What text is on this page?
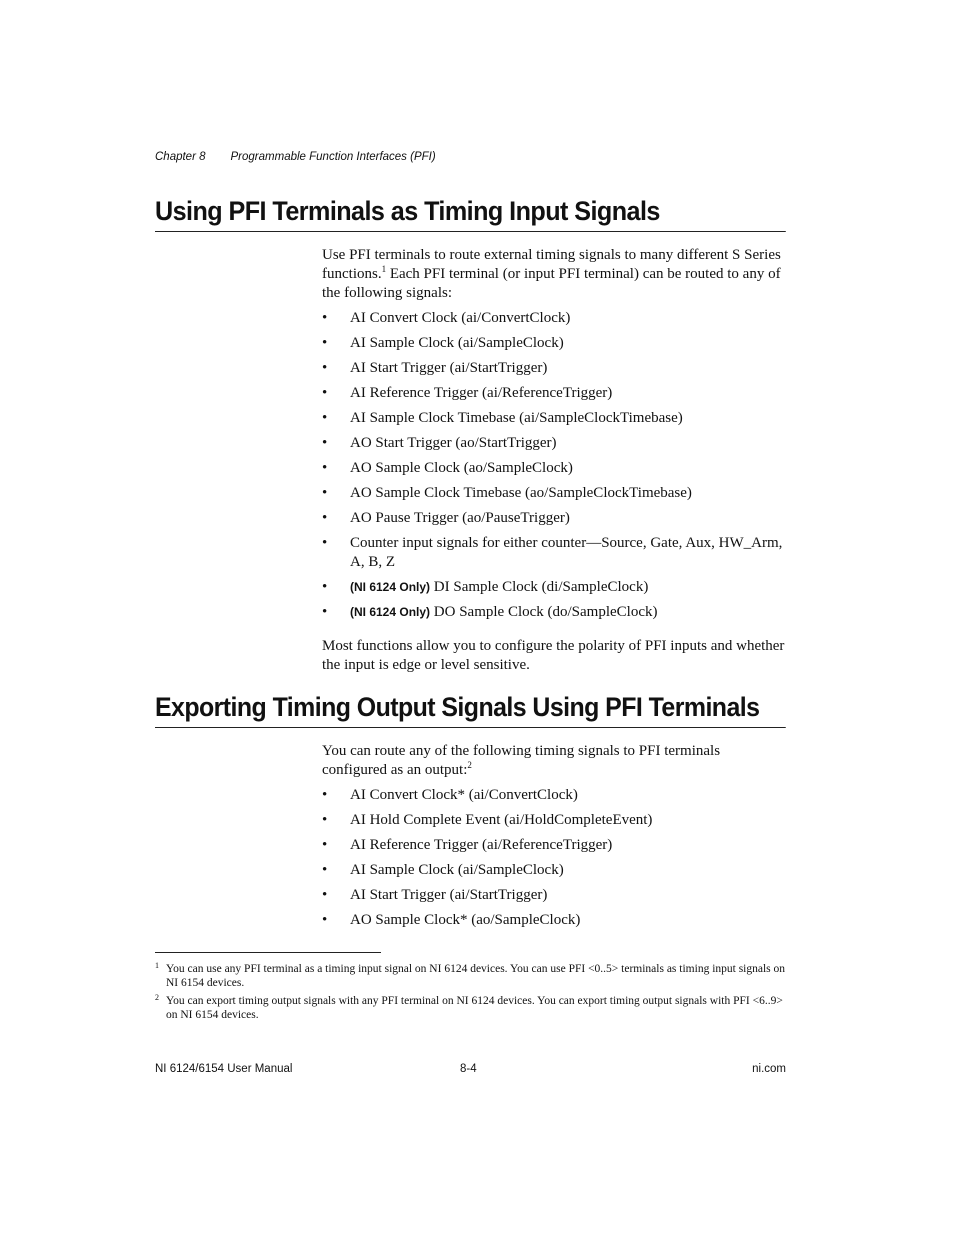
Chapter 8 Programmable Function Interfaces (PFI)
Using PFI Terminals as Timing Input Signals

Use PFI terminals to route external timing signals to many different S Series functions.$^1$ Each PFI terminal (or input PFI terminal) can be routed to any of the following signals:

• AI Convert Clock (ai/ConvertClock)
• AI Sample Clock (ai/SampleClock)
• AI Start Trigger (ai/StartTrigger)
• AI Reference Trigger (ai/ReferenceTrigger)
• AI Sample Clock Timebase (ai/SampleClockTimebase)
• AO Start Trigger (ao/StartTrigger)
• AO Sample Clock (ao/SampleClock)
• AO Sample Clock Timebase (ao/SampleClockTimebase)
• AO Pause Trigger (ao/PauseTrigger)
• Counter input signals for either counter—Source, Gate, Aux, HW_Arm, A, B, Z
• (NI 6124 Only) DI Sample Clock (di/SampleClock)
• (NI 6124 Only) DO Sample Clock (do/SampleClock)

Most functions allow you to configure the polarity of PFI inputs and whether the input is edge or level sensitive.

Exporting Timing Output Signals Using PFI Terminals

You can route any of the following timing signals to PFI terminals configured as an output:$^2$

• AI Convert Clock* (ai/ConvertClock)
• AI Hold Complete Event (ai/HoldCompleteEvent)
• AI Reference Trigger (ai/ReferenceTrigger)
• AI Sample Clock (ai/SampleClock)
• AI Start Trigger (ai/StartTrigger)
• AO Sample Clock* (ao/SampleClock)
1 You can use any PFI terminal as a timing input signal on NI 6124 devices. You can use PFI <0..5> terminals as timing input signals on NI 6154 devices.
2 You can export timing output signals with any PFI terminal on NI 6124 devices. You can export timing output signals with PFI <6..9> on NI 6154 devices.
NI 6124/6154 User Manual	8-4	ni.com
